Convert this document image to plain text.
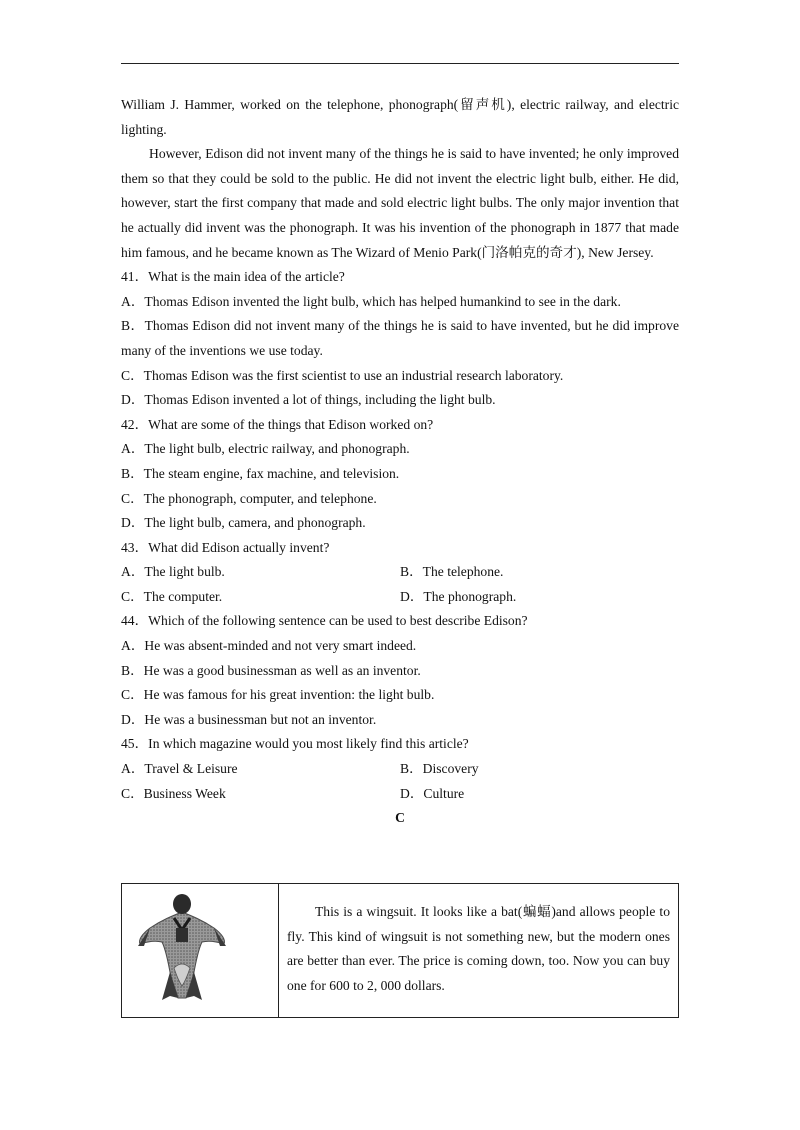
William J. Hammer, worked on the telephone, phonograph(留声机), electric railway, and electric lighting.

However, Edison did not invent many of the things he is said to have invented; he only improved them so that they could be sold to the public. He did not invent the electric light bulb, either. He did, however, start the first company that made and sold electric light bulbs. The only major invention that he actually did invent was the phonograph. It was his invention of the phonograph in 1877 that made him famous, and he became known as The Wizard of Menio Park(门洛帕克的奇才), New Jersey.

41．What is the main idea of the article?

A．Thomas Edison invented the light bulb, which has helped humankind to see in the dark.

B．Thomas Edison did not invent many of the things he is said to have invented, but he did improve many of the inventions we use today.

C．Thomas Edison was the first scientist to use an industrial research laboratory.

D．Thomas Edison invented a lot of things, including the light bulb.

42．What are some of the things that Edison worked on?

A．The light bulb, electric railway, and phonograph.

B．The steam engine, fax machine, and television.

C．The phonograph, computer, and telephone.

D．The light bulb, camera, and phonograph.

43．What did Edison actually invent?

A．The light bulb.	B．The telephone.
C．The computer.	D．The phonograph.

44．Which of the following sentence can be used to best describe Edison?

A．He was absent-minded and not very smart indeed.

B．He was a good businessman as well as an inventor.

C．He was famous for his great invention: the light bulb.

D．He was a businessman but not an inventor.

45．In which magazine would you most likely find this article?

A．Travel & Leisure	B．Discovery
C．Business Week	D．Culture

C

This is a wingsuit. It looks like a bat(蝙蝠)and allows people to fly. This kind of wingsuit is not something new, but the modern ones are better than ever. The price is coming down, too. Now you can buy one for 600 to 2, 000 dollars.
